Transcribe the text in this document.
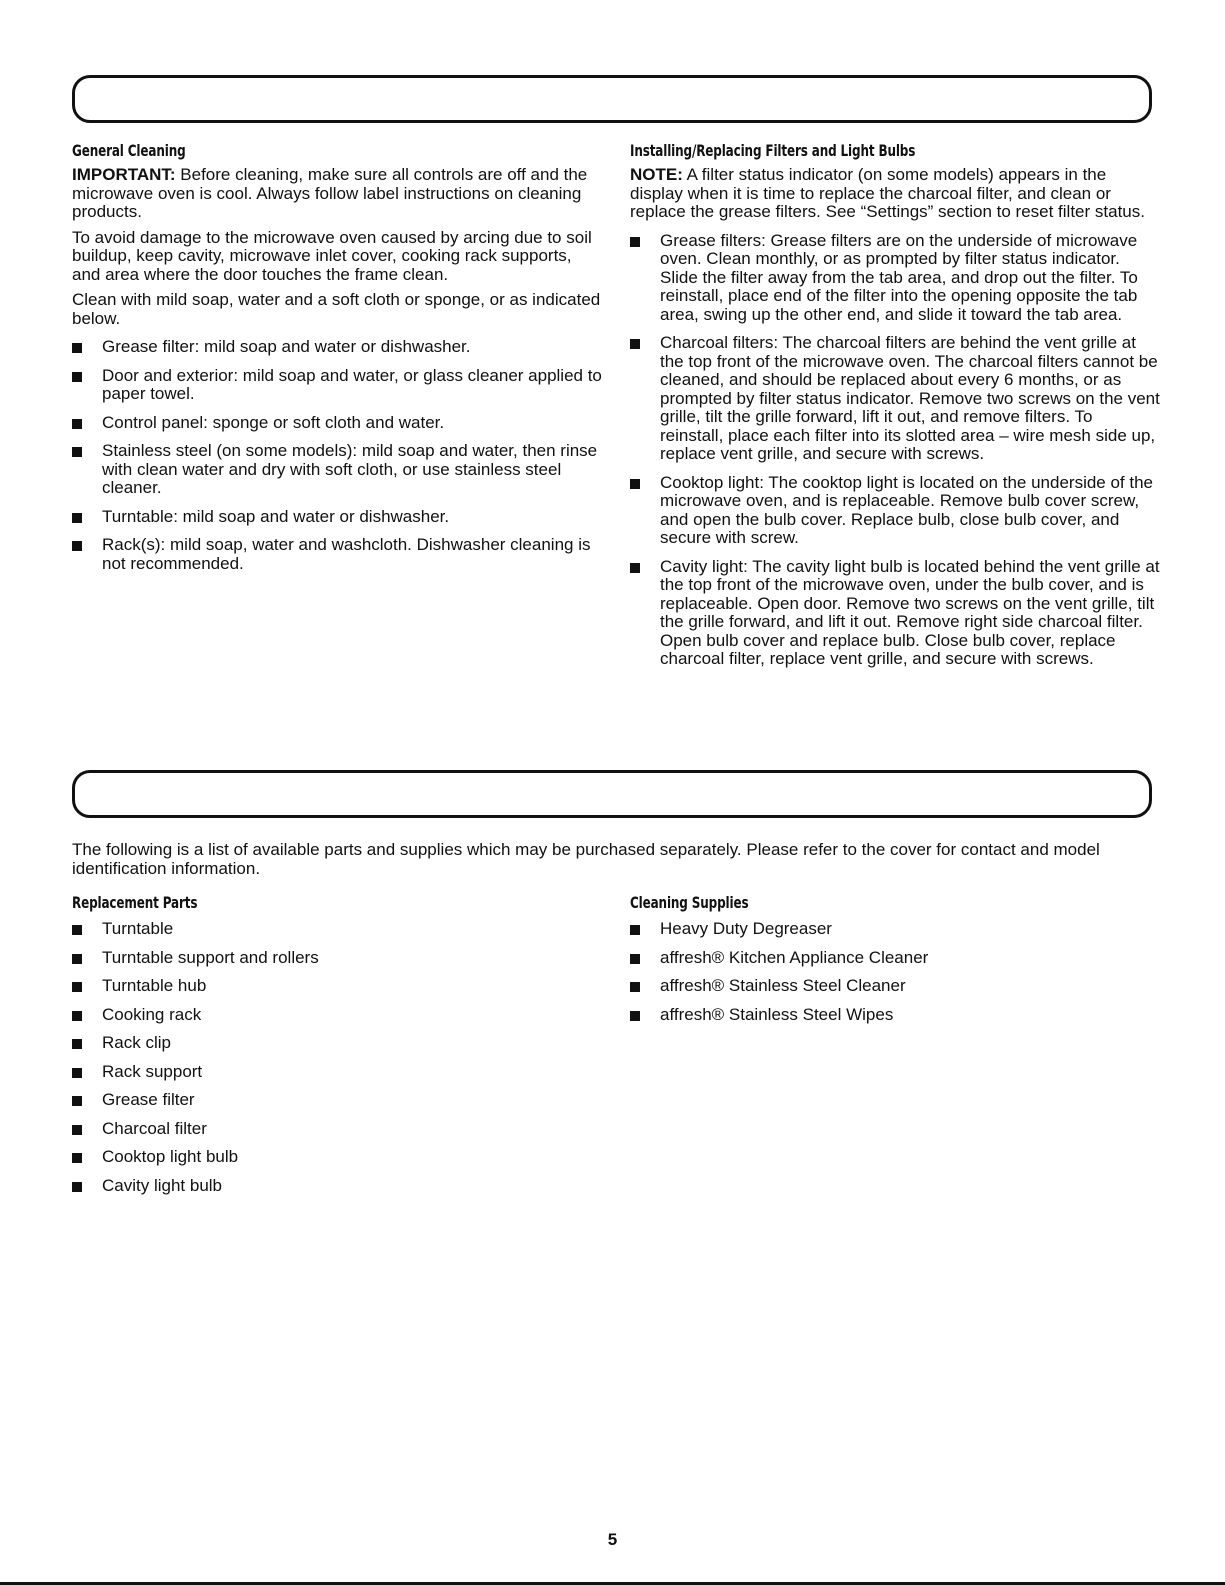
General Cleaning

IMPORTANT: Before cleaning, make sure all controls are off and the microwave oven is cool. Always follow label instructions on cleaning products.

To avoid damage to the microwave oven caused by arcing due to soil buildup, keep cavity, microwave inlet cover, cooking rack supports, and area where the door touches the frame clean.

Clean with mild soap, water and a soft cloth or sponge, or as indicated below.

Grease filter: mild soap and water or dishwasher.
Door and exterior: mild soap and water, or glass cleaner applied to paper towel.
Control panel: sponge or soft cloth and water.
Stainless steel (on some models): mild soap and water, then rinse with clean water and dry with soft cloth, or use stainless steel cleaner.
Turntable: mild soap and water or dishwasher.
Rack(s): mild soap, water and washcloth. Dishwasher cleaning is not recommended.
Installing/Replacing Filters and Light Bulbs

NOTE: A filter status indicator (on some models) appears in the display when it is time to replace the charcoal filter, and clean or replace the grease filters. See “Settings” section to reset filter status.

Grease filters: Grease filters are on the underside of microwave oven. Clean monthly, or as prompted by filter status indicator. Slide the filter away from the tab area, and drop out the filter. To reinstall, place end of the filter into the opening opposite the tab area, swing up the other end, and slide it toward the tab area.
Charcoal filters: The charcoal filters are behind the vent grille at the top front of the microwave oven. The charcoal filters cannot be cleaned, and should be replaced about every 6 months, or as prompted by filter status indicator. Remove two screws on the vent grille, tilt the grille forward, lift it out, and remove filters. To reinstall, place each filter into its slotted area – wire mesh side up, replace vent grille, and secure with screws.
Cooktop light: The cooktop light is located on the underside of the microwave oven, and is replaceable. Remove bulb cover screw, and open the bulb cover. Replace bulb, close bulb cover, and secure with screw.
Cavity light: The cavity light bulb is located behind the vent grille at the top front of the microwave oven, under the bulb cover, and is replaceable. Open door. Remove two screws on the vent grille, tilt the grille forward, and lift it out. Remove right side charcoal filter. Open bulb cover and replace bulb. Close bulb cover, replace charcoal filter, replace vent grille, and secure with screws.

The following is a list of available parts and supplies which may be purchased separately. Please refer to the cover for contact and model identification information.

Replacement Parts
Turntable
Turntable support and rollers
Turntable hub
Cooking rack
Rack clip
Rack support
Grease filter
Charcoal filter
Cooktop light bulb
Cavity light bulb
Cleaning Supplies
Heavy Duty Degreaser
affresh® Kitchen Appliance Cleaner
affresh® Stainless Steel Cleaner
affresh® Stainless Steel Wipes
5
